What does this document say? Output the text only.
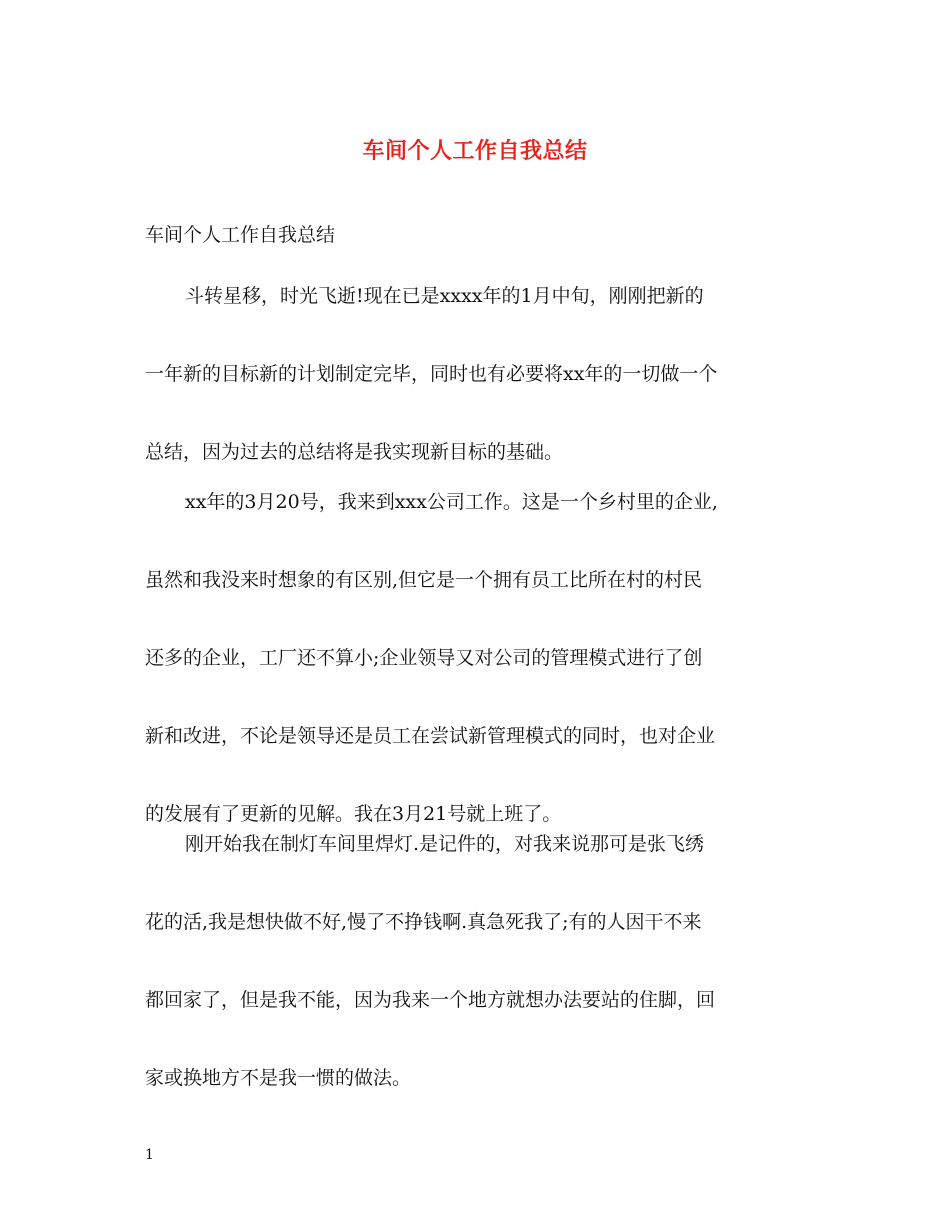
车间个人工作自我总结
车间个人工作自我总结
斗转星移，时光飞逝!现在已是xxxx年的1月中旬，刚刚把新的
一年新的目标新的计划制定完毕，同时也有必要将xx年的一切做一个
总结，因为过去的总结将是我实现新目标的基础。
xx年的3月20号，我来到xxx公司工作。这是一个乡村里的企业,
虽然和我没来时想象的有区别,但它是一个拥有员工比所在村的村民
还多的企业，工厂还不算小;企业领导又对公司的管理模式进行了创
新和改进，不论是领导还是员工在尝试新管理模式的同时，也对企业
的发展有了更新的见解。我在3月21号就上班了。
刚开始我在制灯车间里焊灯.是记件的，对我来说那可是张飞绣
花的活,我是想快做不好,慢了不挣钱啊.真急死我了;有的人因干不来
都回家了，但是我不能，因为我来一个地方就想办法要站的住脚，回
家或换地方不是我一惯的做法。
1
